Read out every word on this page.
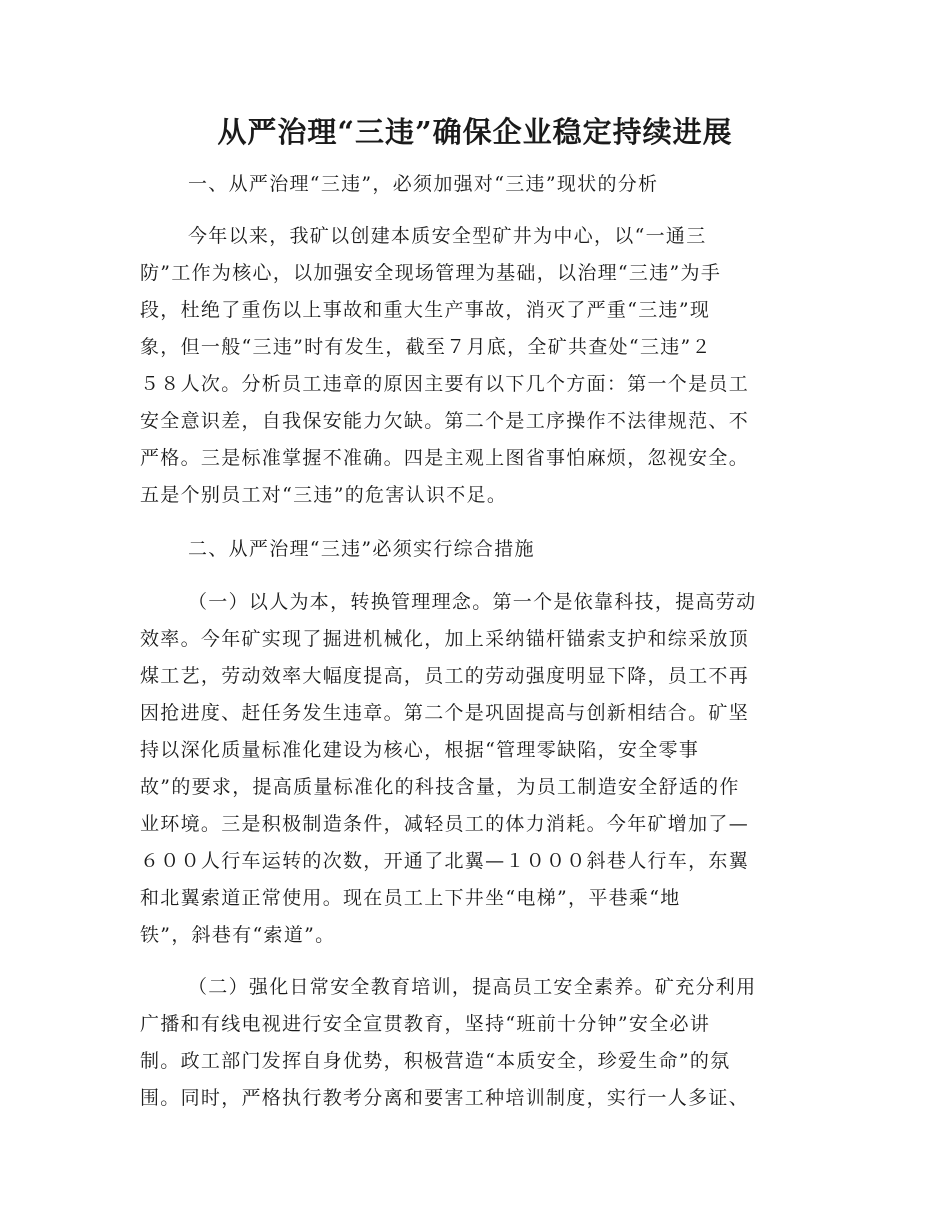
从严治理“三违”确保企业稳定持续进展

一、从严治理“三违”，必须加强对“三违”现状的分析

今年以来，我矿以创建本质安全型矿井为中心，以“一通三

防”工作为核心，以加强安全现场管理为基础，以治理“三违”为手

段，杜绝了重伤以上事故和重大生产事故，消灭了严重“三违”现

象，但一般“三违”时有发生，截至７月底，全矿共查处“三违”２

５８人次。分析员工违章的原因主要有以下几个方面：第一个是员工

安全意识差，自我保安能力欠缺。第二个是工序操作不法律规范、不

严格。三是标准掌握不准确。四是主观上图省事怕麻烦，忽视安全。

五是个别员工对“三违”的危害认识不足。

二、从严治理“三违”必须实行综合措施

（一）以人为本，转换管理理念。第一个是依靠科技，提高劳动

效率。今年矿实现了掘进机械化，加上采纳锚杆锚索支护和综采放顶

煤工艺，劳动效率大幅度提高，员工的劳动强度明显下降，员工不再

因抢进度、赶任务发生违章。第二个是巩固提高与创新相结合。矿坚

持以深化质量标准化建设为核心，根据“管理零缺陷，安全零事

故”的要求，提高质量标准化的科技含量，为员工制造安全舒适的作

业环境。三是积极制造条件，减轻员工的体力消耗。今年矿增加了—

６００人行车运转的次数，开通了北翼—１０００斜巷人行车，东翼

和北翼索道正常使用。现在员工上下井坐“电梯”，平巷乘“地

铁”，斜巷有“索道”。

（二）强化日常安全教育培训，提高员工安全素养。矿充分利用

广播和有线电视进行安全宣贯教育，坚持“班前十分钟”安全必讲

制。政工部门发挥自身优势，积极营造“本质安全，珍爱生命”的氛

围。同时，严格执行教考分离和要害工种培训制度，实行一人多证、
